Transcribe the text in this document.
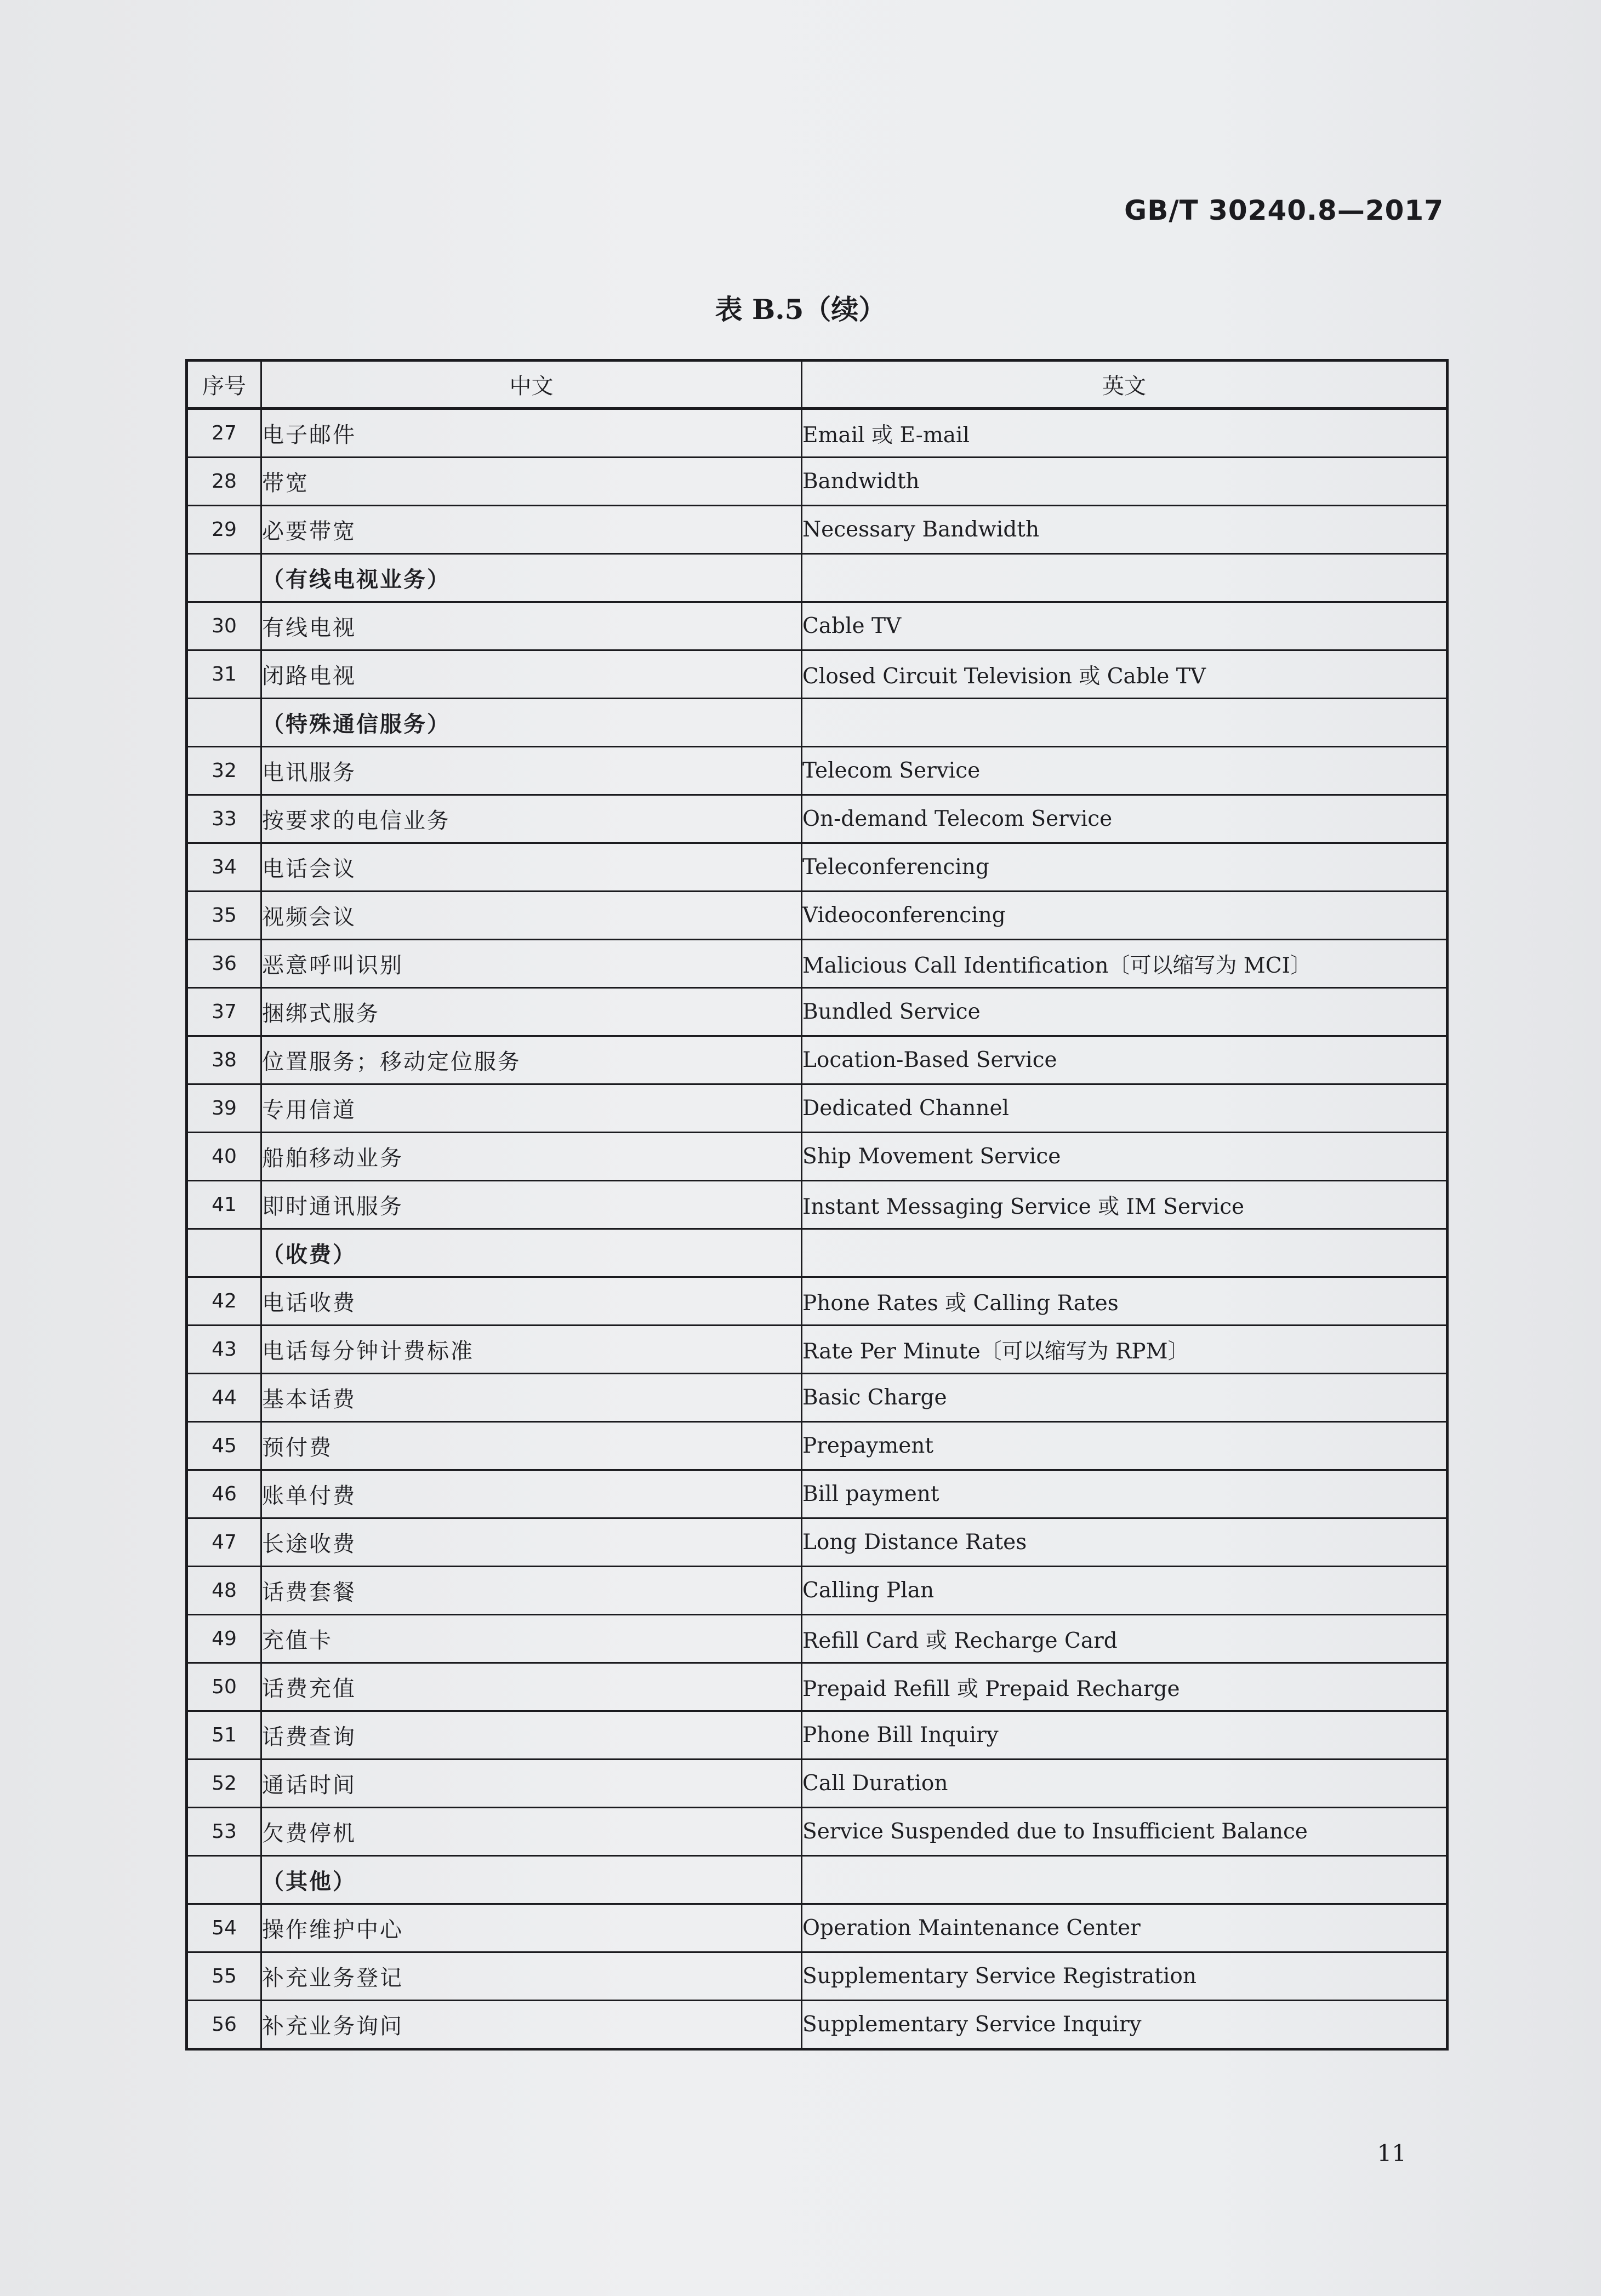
GB/T 30240.8—2017
表 B.5（续）
序号	中文	英文
27	电子邮件	Email 或 E-mail
28	带宽	Bandwidth
29	必要带宽	Necessary Bandwidth
	（有线电视业务）	
30	有线电视	Cable TV
31	闭路电视	Closed Circuit Television 或 Cable TV
	（特殊通信服务）	
32	电讯服务	Telecom Service
33	按要求的电信业务	On-demand Telecom Service
34	电话会议	Teleconferencing
35	视频会议	Videoconferencing
36	恶意呼叫识别	Malicious Call Identification〔可以缩写为 MCI〕
37	捆绑式服务	Bundled Service
38	位置服务；移动定位服务	Location-Based Service
39	专用信道	Dedicated Channel
40	船舶移动业务	Ship Movement Service
41	即时通讯服务	Instant Messaging Service 或 IM Service
	（收费）	
42	电话收费	Phone Rates 或 Calling Rates
43	电话每分钟计费标准	Rate Per Minute〔可以缩写为 RPM〕
44	基本话费	Basic Charge
45	预付费	Prepayment
46	账单付费	Bill payment
47	长途收费	Long Distance Rates
48	话费套餐	Calling Plan
49	充值卡	Refill Card 或 Recharge Card
50	话费充值	Prepaid Refill 或 Prepaid Recharge
51	话费查询	Phone Bill Inquiry
52	通话时间	Call Duration
53	欠费停机	Service Suspended due to Insufficient Balance
	（其他）	
54	操作维护中心	Operation Maintenance Center
55	补充业务登记	Supplementary Service Registration
56	补充业务询问	Supplementary Service Inquiry
11
